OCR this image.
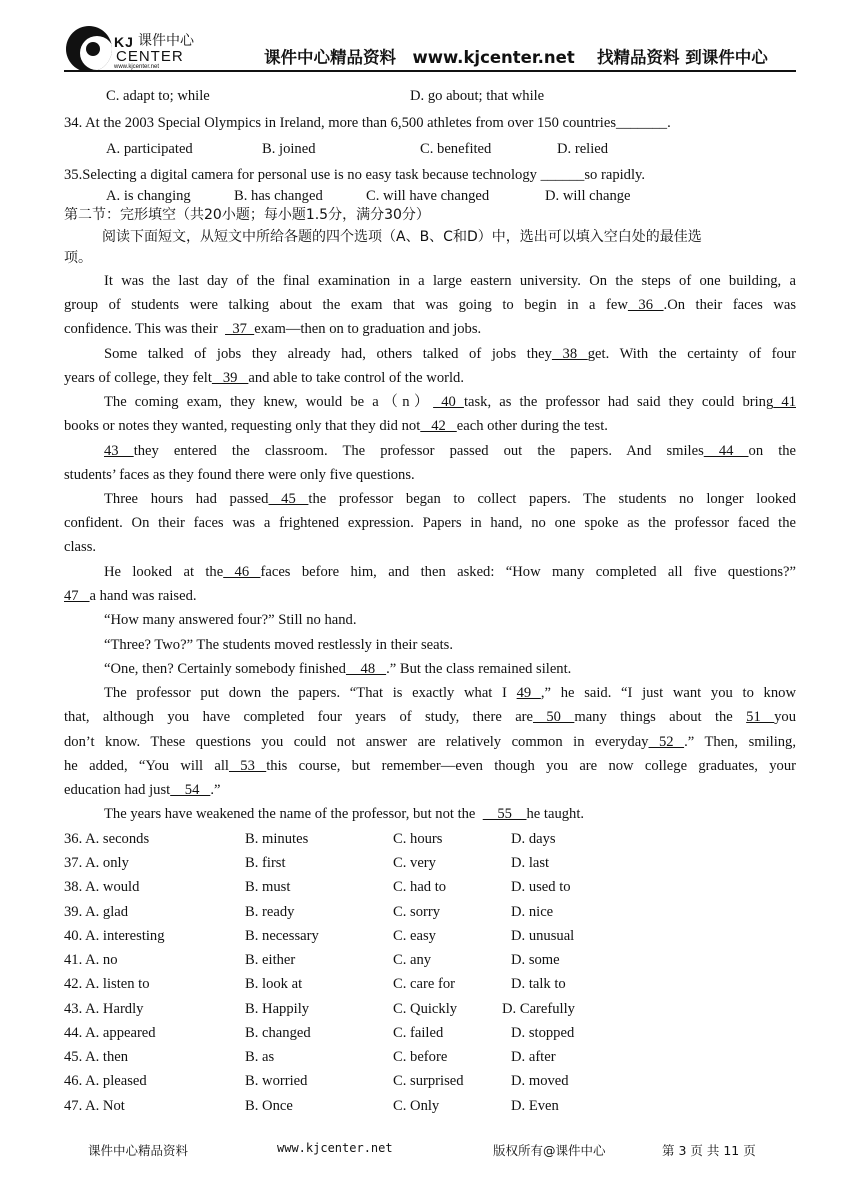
KJ 课件中心
CENTER
www.kjcenter.net	课件中心精品资料　www.kjcenter.net　 找精品资料 到课件中心
C. adapt to; while	D. go about; that while
34. At the 2003 Special Olympics in Ireland, more than 6,500 athletes from over 150 countries_______.
A. participated	B. joined	C. benefited	D. relied
35.Selecting a digital camera for personal use is no easy task because technology ______so rapidly.
A. is changing	B. has changed	C. will have changed	D. will change
第二节：完形填空（共20小题；每小题1.5分，满分30分）
阅读下面短文，从短文中所给各题的四个选项（A、B、C和D）中，选出可以填入空白处的最佳选
项。
It was the last day of the final examination in a large eastern university. On the steps of one building, a
group of students were talking about the exam that was going to begin in a few 36 .On their faces was
confidence. This was their    37  exam—then on to graduation and jobs.
Some talked of jobs they already had, others talked of jobs they 38 get. With the certainty of four
years of college, they felt   39   and able to take control of the world.
The coming exam, they knew, would be a（n） 40 task, as the professor had said they could bring 41
books or notes they wanted, requesting only that they did not   42   each other during the test.
43 they entered the classroom. The professor passed out the papers. And smiles 44 on the
students’ faces as they found there were only five questions.
Three hours had passed 45 the professor began to collect papers. The students no longer looked
confident. On their faces was a frightened expression. Papers in hand, no one spoke as the professor faced the
class.
He looked at the 46 faces before him, and then asked: “How many completed all five questions?”
47   a hand was raised.
“How many answered four?” Still no hand.
“Three? Two?” The students moved restlessly in their seats.
“One, then? Certainly somebody finished    48   .” But the class remained silent.
The professor put down the papers. “That is exactly what I 49 ,” he said. “I just want you to know
that, although you have completed four years of study, there are 50 many things about the 51 you
don’t know. These questions you could not answer are relatively common in everyday 52 .” Then, smiling,
he added, “You will all 53 this course, but remember—even though you are now college graduates, your
education had just    54   .”
The years have weakened the name of the professor, but not the      55    he taught.
36. A. seconds	B. minutes	C. hours	D. days
37. A. only	B. first	C. very	D. last
38. A. would	B. must	C. had to	D. used to
39. A. glad	B. ready	C. sorry	D. nice
40. A. interesting	B. necessary	C. easy	D. unusual
41. A. no	B. either	C. any	D. some
42. A. listen to	B. look at	C. care for	D. talk to
43. A. Hardly	B. Happily	C. Quickly	D. Carefully
44. A. appeared	B. changed	C. failed	D. stopped
45. A. then	B. as	C. before	D. after
46. A. pleased	B. worried	C. surprised	D. moved
47. A. Not	B. Once	C. Only	D. Even
课件中心精品资料	www.kjcenter.net	版权所有@课件中心	第 3 页 共 11 页
